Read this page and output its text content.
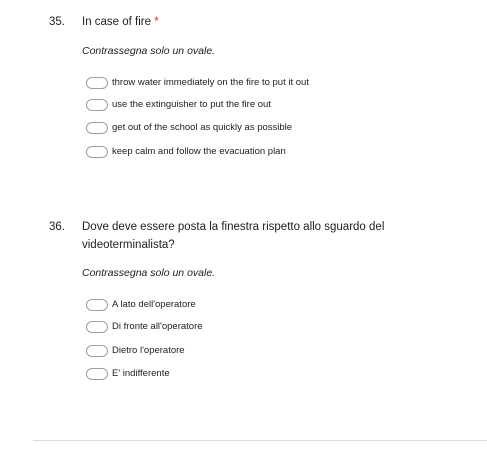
35. In case of fire *
Contrassegna solo un ovale.
throw water immediately on the fire to put it out
use the extinguisher to put the fire out
get out of the school as quickly as possible
keep calm and follow the evacuation plan
36. Dove deve essere posta la finestra rispetto allo sguardo del videoterminalista?
Contrassegna solo un ovale.
A lato dell'operatore
Di fronte all'operatore
Dietro l'operatore
E' indifferente
